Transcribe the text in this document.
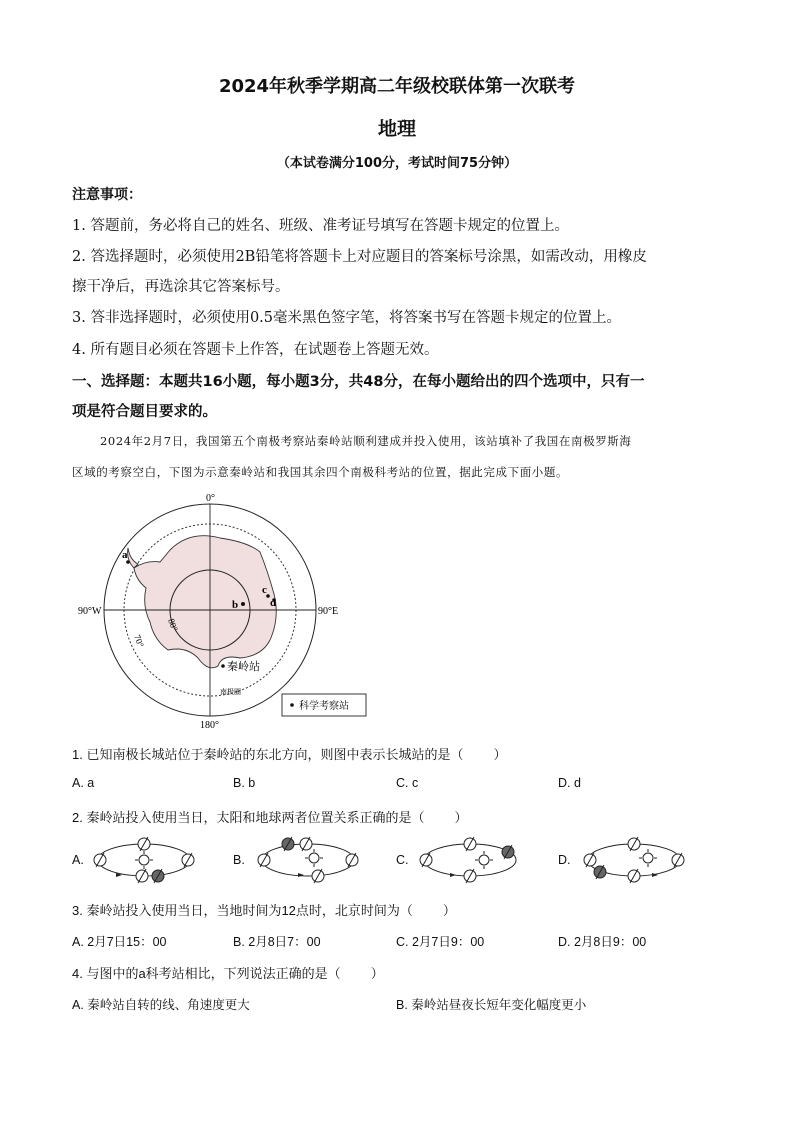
2024年秋季学期高二年级校联体第一次联考
地理
（本试卷满分100分，考试时间75分钟）
注意事项：
1. 答题前，务必将自己的姓名、班级、准考证号填写在答题卡规定的位置上。
2. 答选择题时，必须使用2B铅笔将答题卡上对应题目的答案标号涂黑，如需改动，用橡皮
擦干净后，再选涂其它答案标号。
3. 答非选择题时，必须使用0.5毫米黑色签字笔，将答案书写在答题卡规定的位置上。
4. 所有题目必须在答题卡上作答，在试题卷上答题无效。
一、选择题：本题共16小题，每小题3分，共48分，在每小题给出的四个选项中，只有一
项是符合题目要求的。
2024年2月7日，我国第五个南极考察站秦岭站顺利建成并投入使用，该站填补了我国在南极罗斯海
区域的考察空白，下图为示意秦岭站和我国其余四个南极科考站的位置，据此完成下面小题。
0°
180°
90°W	90°E
70°
80°
a
b
c
d
秦岭站
南极圈
科学考察站
1. 已知南极长城站位于秦岭站的东北方向，则图中表示长城站的是（ ）
A. a	B. b	C. c	D. d
2. 秦岭站投入使用当日，太阳和地球两者位置关系正确的是（ ）
A.	B.	C.	D.
3. 秦岭站投入使用当日，当地时间为12点时，北京时间为（ ）
A. 2月7日15：00	B. 2月8日7：00	C. 2月7日9：00	D. 2月8日9：00
4. 与图中的a科考站相比，下列说法正确的是（ ）
A. 秦岭站自转的线、角速度更大	B. 秦岭站昼夜长短年变化幅度更小
